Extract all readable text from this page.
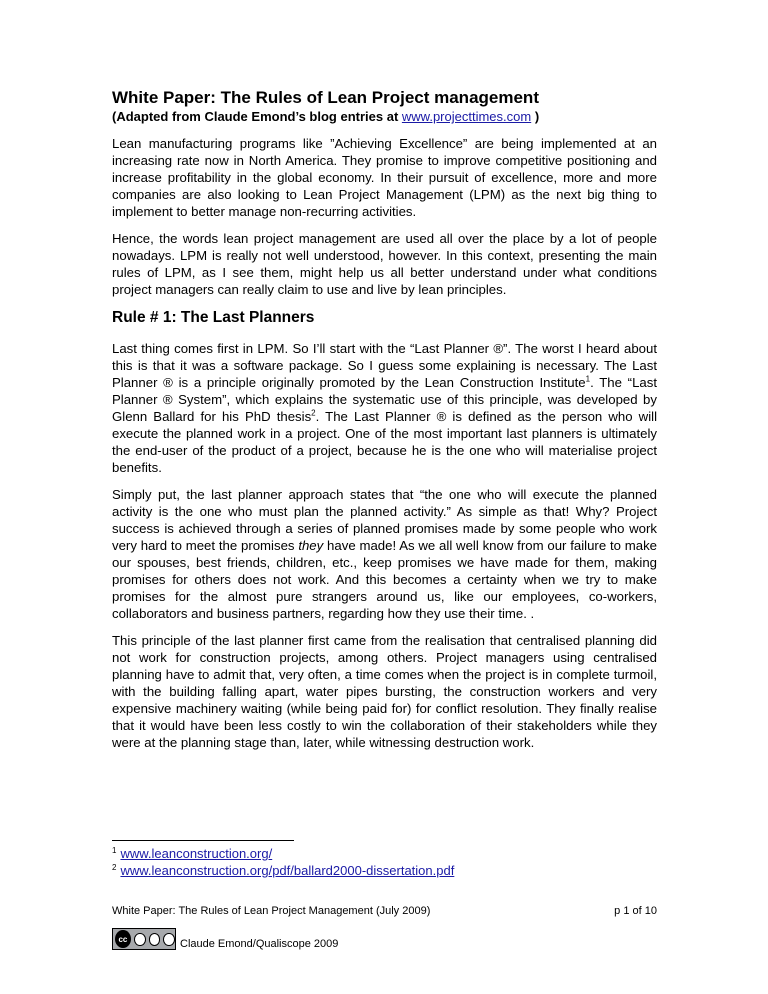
White Paper: The Rules of Lean Project management
(Adapted from Claude Emond’s blog entries at www.projecttimes.com )

Lean manufacturing programs like ”Achieving Excellence” are being implemented at an increasing rate now in North America. They promise to improve competitive positioning and increase profitability in the global economy. In their pursuit of excellence, more and more companies are also looking to Lean Project Management (LPM) as the next big thing to implement to better manage non-recurring activities.

Hence, the words lean project management are used all over the place by a lot of people nowadays. LPM is really not well understood, however. In this context, presenting the main rules of LPM, as I see them, might help us all better understand under what conditions project managers can really claim to use and live by lean principles.

Rule # 1: The Last Planners

Last thing comes first in LPM. So I’ll start with the “Last Planner ®”. The worst I heard about this is that it was a software package. So I guess some explaining is necessary. The Last Planner ® is a principle originally promoted by the Lean Construction Institute$^1$. The “Last Planner ® System”, which explains the systematic use of this principle, was developed by Glenn Ballard for his PhD thesis$^2$. The Last Planner ® is defined as the person who will execute the planned work in a project. One of the most important last planners is ultimately the end-user of the product of a project, because he is the one who will materialise project benefits.

Simply put, the last planner approach states that “the one who will execute the planned activity is the one who must plan the planned activity.” As simple as that! Why? Project success is achieved through a series of planned promises made by some people who work very hard to meet the promises they have made! As we all well know from our failure to make our spouses, best friends, children, etc., keep promises we have made for them, making promises for others does not work. And this becomes a certainty when we try to make promises for the almost pure strangers around us, like our employees, co-workers, collaborators and business partners, regarding how they use their time. .

This principle of the last planner first came from the realisation that centralised planning did not work for construction projects, among others. Project managers using centralised planning have to admit that, very often, a time comes when the project is in complete turmoil, with the building falling apart, water pipes bursting, the construction workers and very expensive machinery waiting (while being paid for) for conflict resolution. They finally realise that it would have been less costly to win the collaboration of their stakeholders while they were at the planning stage than, later, while witnessing destruction work.

$^1$ www.leanconstruction.org/
$^2$ www.leanconstruction.org/pdf/ballard2000-dissertation.pdf
White Paper: The Rules of Lean Project Management (July 2009)	p 1 of 10
cc	Claude Emond/Qualiscope 2009
